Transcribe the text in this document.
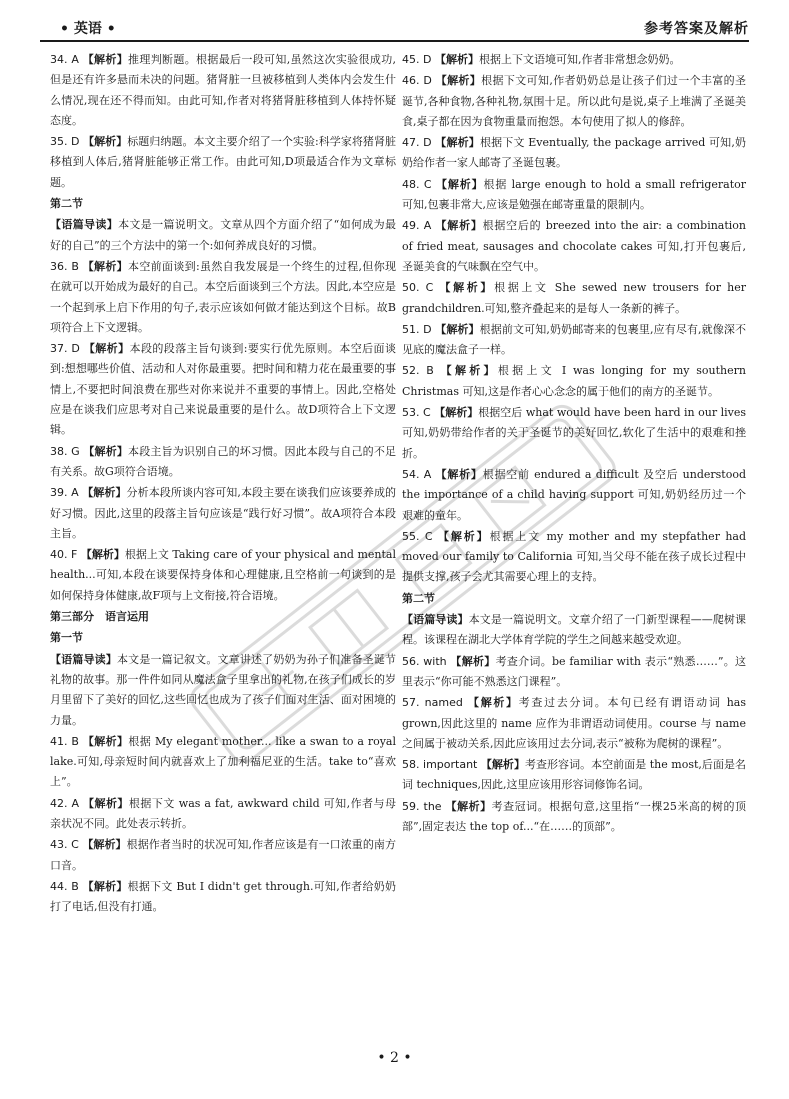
• 英语 •	参考答案及解析
34. A 【解析】推理判断题。根据最后一段可知,虽然这次实验很成功,但是还有许多悬而未决的问题。猪肾脏一旦被移植到人类体内会发生什么情况,现在还不得而知。由此可知,作者对将猪肾脏移植到人体持怀疑态度。
35. D 【解析】标题归纳题。本文主要介绍了一个实验:科学家将猪肾脏移植到人体后,猪肾脏能够正常工作。由此可知,D项最适合作为文章标题。
第二节
【语篇导读】本文是一篇说明文。文章从四个方面介绍了“如何成为最好的自己”的三个方法中的第一个:如何养成良好的习惯。
36. B 【解析】本空前面谈到:虽然自我发展是一个终生的过程,但你现在就可以开始成为最好的自己。本空后面谈到三个方法。因此,本空应是一个起到承上启下作用的句子,表示应该如何做才能达到这个目标。故B项符合上下文逻辑。
37. D 【解析】本段的段落主旨句谈到:要实行优先原则。本空后面谈到:想想哪些价值、活动和人对你最重要。把时间和精力花在最重要的事情上,不要把时间浪费在那些对你来说并不重要的事情上。因此,空格处应是在谈我们应思考对自己来说最重要的是什么。故D项符合上下文逻辑。
38. G 【解析】本段主旨为识别自己的坏习惯。因此本段与自己的不足有关系。故G项符合语境。
39. A 【解析】分析本段所谈内容可知,本段主要在谈我们应该要养成的好习惯。因此,这里的段落主旨句应该是“践行好习惯”。故A项符合本段主旨。
40. F 【解析】根据上文 Taking care of your physical and mental health...可知,本段在谈要保持身体和心理健康,且空格前一句谈到的是如何保持身体健康,故F项与上文衔接,符合语境。
第三部分　语言运用
第一节
【语篇导读】本文是一篇记叙文。文章讲述了奶奶为孙子们准备圣诞节礼物的故事。那一件件如同从魔法盒子里拿出的礼物,在孩子们成长的岁月里留下了美好的回忆,这些回忆也成为了孩子们面对生活、面对困境的力量。
41. B 【解析】根据 My elegant mother... like a swan to a royal lake.可知,母亲短时间内就喜欢上了加利福尼亚的生活。take to“喜欢上”。
42. A 【解析】根据下文 was a fat, awkward child 可知,作者与母亲状况不同。此处表示转折。
43. C 【解析】根据作者当时的状况可知,作者应该是有一口浓重的南方口音。
44. B 【解析】根据下文 But I didn't get through.可知,作者给奶奶打了电话,但没有打通。
45. D 【解析】根据上下文语境可知,作者非常想念奶奶。
46. D 【解析】根据下文可知,作者奶奶总是让孩子们过一个丰富的圣诞节,各种食物,各种礼物,氛围十足。所以此句是说,桌子上堆满了圣诞美食,桌子都在因为食物重量而抱怨。本句使用了拟人的修辞。
47. D 【解析】根据下文 Eventually, the package arrived 可知,奶奶给作者一家人邮寄了圣诞包裹。
48. C 【解析】根据 large enough to hold a small refrigerator 可知,包裹非常大,应该是勉强在邮寄重量的限制内。
49. A 【解析】根据空后的 breezed into the air: a combination of fried meat, sausages and chocolate cakes 可知,打开包裹后,圣诞美食的气味飘在空气中。
50. C 【解析】根据上文 She sewed new trousers for her grandchildren.可知,整齐叠起来的是每人一条新的裤子。
51. D 【解析】根据前文可知,奶奶邮寄来的包裹里,应有尽有,就像深不见底的魔法盒子一样。
52. B 【解析】根据上文 I was longing for my southern Christmas 可知,这是作者心心念念的属于他们的南方的圣诞节。
53. C 【解析】根据空后 what would have been hard in our lives 可知,奶奶带给作者的关于圣诞节的美好回忆,软化了生活中的艰难和挫折。
54. A 【解析】根据空前 endured a difficult 及空后 understood the importance of a child having support 可知,奶奶经历过一个艰难的童年。
55. C 【解析】根据上文 my mother and my stepfather had moved our family to California 可知,当父母不能在孩子成长过程中提供支撑,孩子会尤其需要心理上的支持。
第二节
【语篇导读】本文是一篇说明文。文章介绍了一门新型课程——爬树课程。该课程在湖北大学体育学院的学生之间越来越受欢迎。
56. with 【解析】考查介词。be familiar with 表示“熟悉……”。这里表示“你可能不熟悉这门课程”。
57. named 【解析】考查过去分词。本句已经有谓语动词 has grown,因此这里的 name 应作为非谓语动词使用。course 与 name 之间属于被动关系,因此应该用过去分词,表示“被称为爬树的课程”。
58. important 【解析】考查形容词。本空前面是 the most,后面是名词 techniques,因此,这里应该用形容词修饰名词。
59. the 【解析】考查冠词。根据句意,这里指“一棵25米高的树的顶部”,固定表达 the top of...“在……的顶部”。
• 2 •
